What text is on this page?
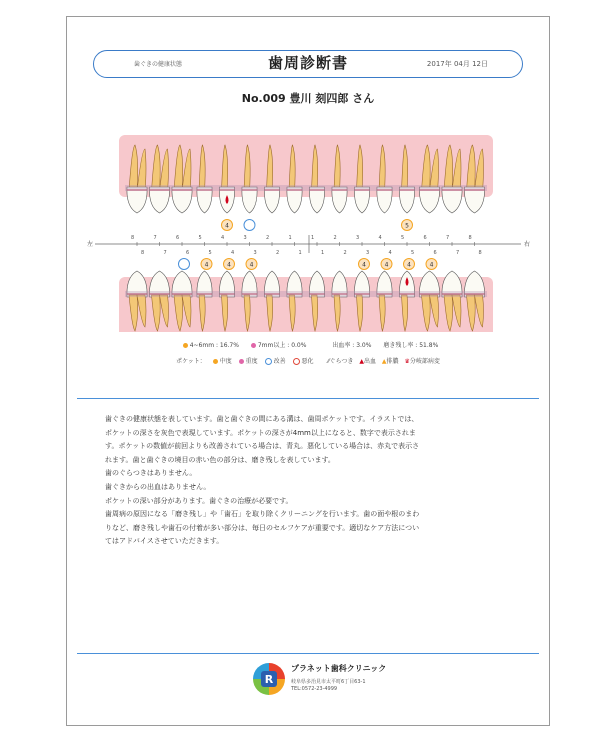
歯ぐきの健康状態	歯周診断書	2017年 04月 12日
No.009 豊川 刻四郎 さん
左	右
8	7	6	5	4	3	2	1	1	2	3	4	5	6	7	8
8	7	6	5	4	3	2	1	1	2	3	4	5	6	7	8
4	5
4	4	4	4	4	4	4
4~6mm : 16.7%	7mm以上 : 0.0%	出血率 : 3.0% 磨き残し率 : 51.8%
ポケット： 中度 重度	改善	悪化 ⁄⁄ぐらつき ▲出血 ▲排膿 ♛分岐部病変

歯ぐきの健康状態を表しています。歯と歯ぐきの間にある溝は、歯周ポケットです。イラストでは、

ポケットの深さを灰色で表現しています。ポケットの深さが4mm以上になると、数字で表示されま

す。ポケットの数値が前回よりも改善されている場合は、青丸。悪化している場合は、赤丸で表示さ

れます。歯と歯ぐきの境目の赤い色の部分は、磨き残しを表しています。

歯のぐらつきはありません。

歯ぐきからの出血はありません。

ポケットの深い部分があります。歯ぐきの治療が必要です。

歯周病の原因になる「磨き残し」や「歯石」を取り除くクリーニングを行います。歯の面や根のまわ

りなど、磨き残しや歯石の付着が多い部分は、毎日のセルフケアが重要です。適切なケア方法につい

てはアドバイスさせていただきます。

R
プラネット歯科クリニック
岐阜県多治見市太平町6丁目63-1
TEL:0572-23-4999
